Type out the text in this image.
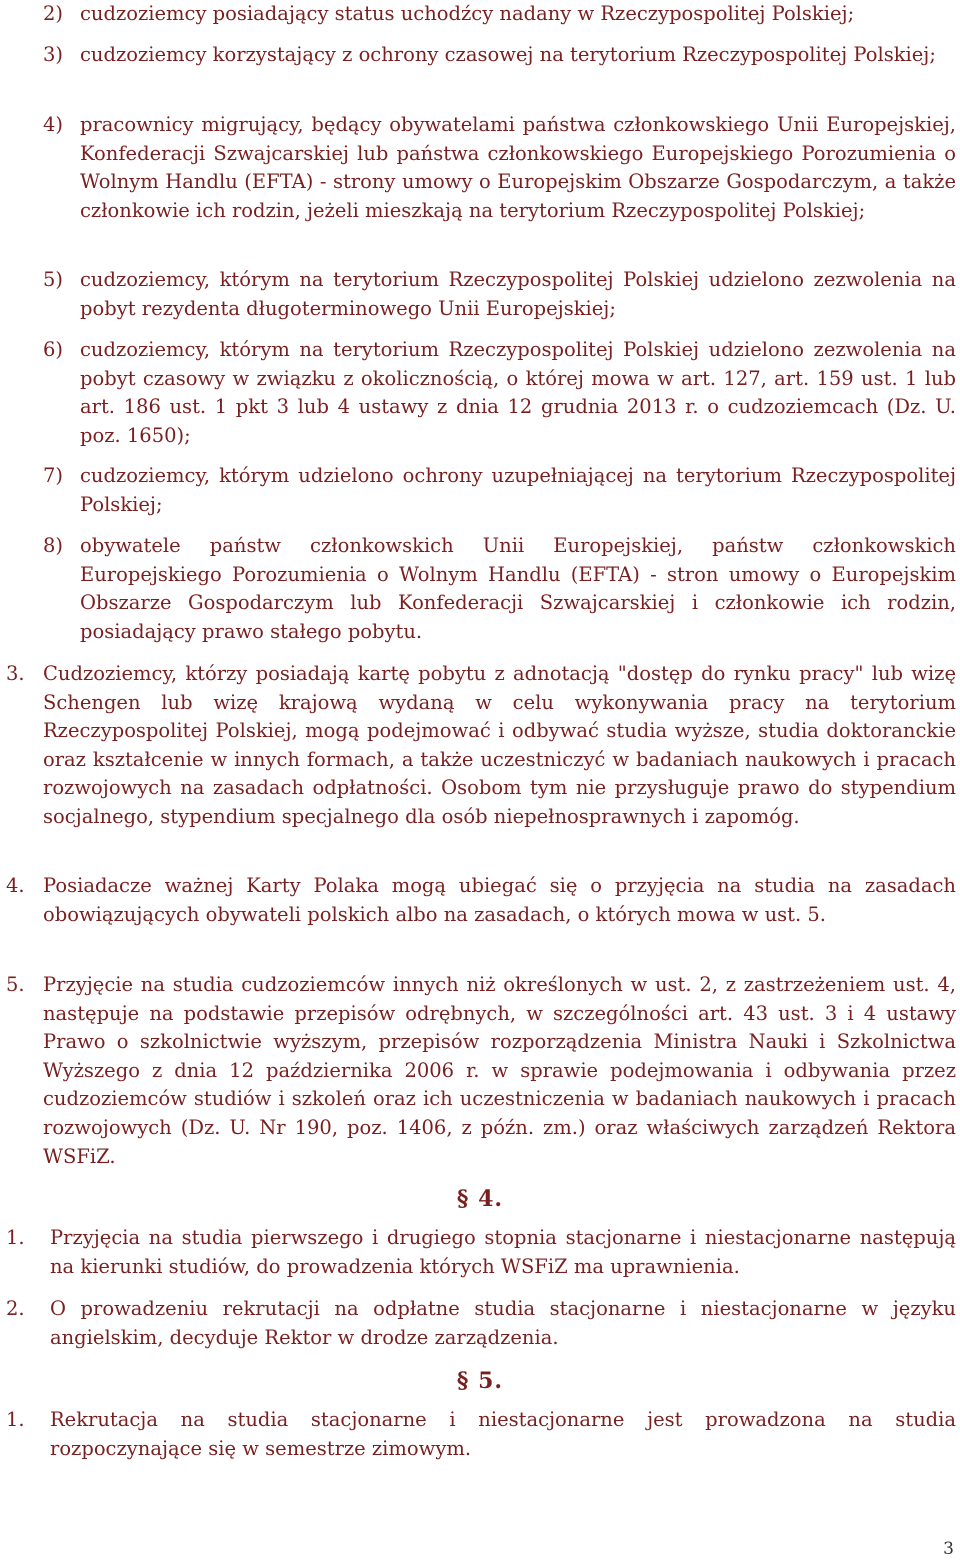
2) cudzoziemcy posiadający status uchodźcy nadany w Rzeczypospolitej Polskiej;
3) cudzoziemcy korzystający z ochrony czasowej na terytorium Rzeczypospolitej Polskiej;
4) pracownicy migrujący, będący obywatelami państwa członkowskiego Unii Europejskiej, Konfederacji Szwajcarskiej lub państwa członkowskiego Europejskiego Porozumienia o Wolnym Handlu (EFTA) - strony umowy o Europejskim Obszarze Gospodarczym, a także członkowie ich rodzin, jeżeli mieszkają na terytorium Rzeczypospolitej Polskiej;
5) cudzoziemcy, którym na terytorium Rzeczypospolitej Polskiej udzielono zezwolenia na pobyt rezydenta długoterminowego Unii Europejskiej;
6) cudzoziemcy, którym na terytorium Rzeczypospolitej Polskiej udzielono zezwolenia na pobyt czasowy w związku z okolicznością, o której mowa w art. 127, art. 159 ust. 1 lub art. 186 ust. 1 pkt 3 lub 4 ustawy z dnia 12 grudnia 2013 r. o cudzoziemcach (Dz. U. poz. 1650);
7) cudzoziemcy, którym udzielono ochrony uzupełniającej na terytorium Rzeczypospolitej Polskiej;
8) obywatele państw członkowskich Unii Europejskiej, państw członkowskich Europejskiego Porozumienia o Wolnym Handlu (EFTA) - stron umowy o Europejskim Obszarze Gospodarczym lub Konfederacji Szwajcarskiej i członkowie ich rodzin, posiadający prawo stałego pobytu.
3. Cudzoziemcy, którzy posiadają kartę pobytu z adnotacją "dostęp do rynku pracy" lub wizę Schengen lub wizę krajową wydaną w celu wykonywania pracy na terytorium Rzeczypospolitej Polskiej, mogą podejmować i odbywać studia wyższe, studia doktoranckie oraz kształcenie w innych formach, a także uczestniczyć w badaniach naukowych i pracach rozwojowych na zasadach odpłatności. Osobom tym nie przysługuje prawo do stypendium socjalnego, stypendium specjalnego dla osób niepełnosprawnych i zapomóg.
4. Posiadacze ważnej Karty Polaka mogą ubiegać się o przyjęcia na studia na zasadach obowiązujących obywateli polskich albo na zasadach, o których mowa w ust. 5.
5. Przyjęcie na studia cudzoziemców innych niż określonych w ust. 2, z zastrzeżeniem ust. 4, następuje na podstawie przepisów odrębnych, w szczególności art. 43 ust. 3 i 4 ustawy Prawo o szkolnictwie wyższym, przepisów rozporządzenia Ministra Nauki i Szkolnictwa Wyższego z dnia 12 października 2006 r. w sprawie podejmowania i odbywania przez cudzoziemców studiów i szkoleń oraz ich uczestniczenia w badaniach naukowych i pracach rozwojowych (Dz. U. Nr 190, poz. 1406, z późn. zm.) oraz właściwych zarządzeń Rektora WSFiZ.
§ 4.
1.	Przyjęcia na studia pierwszego i drugiego stopnia stacjonarne i niestacjonarne następują na kierunki studiów, do prowadzenia których WSFiZ ma uprawnienia.
2.	O prowadzeniu rekrutacji na odpłatne studia stacjonarne i niestacjonarne w języku angielskim, decyduje Rektor w drodze zarządzenia.
§ 5.
1.	Rekrutacja na studia stacjonarne i niestacjonarne jest prowadzona na studia rozpoczynające się w semestrze zimowym.
3
